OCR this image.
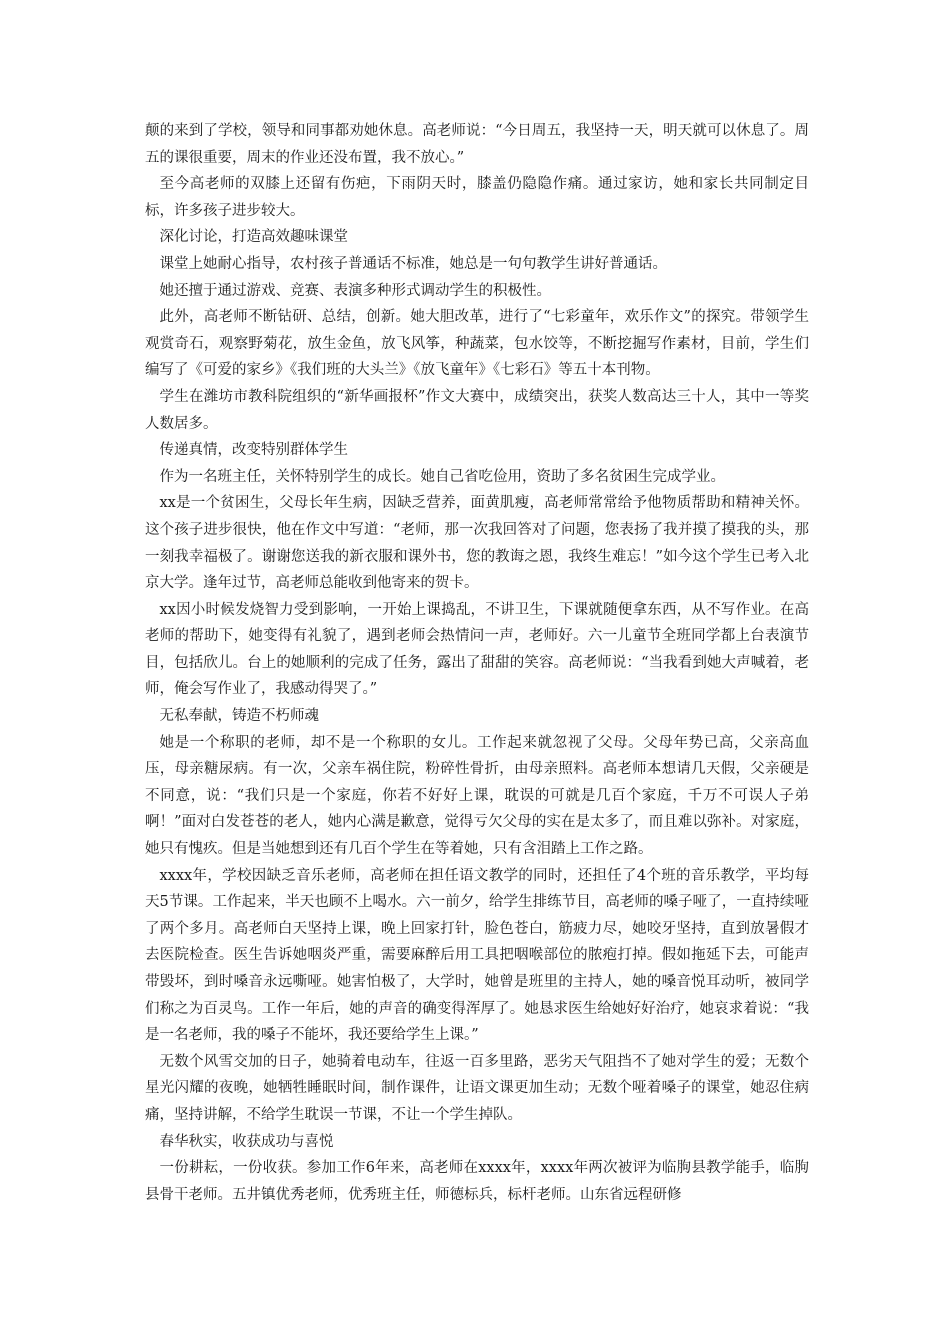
颠的来到了学校，领导和同事都劝她休息。高老师说：“今日周五，我坚持一天，明天就可以休息了。周五的课很重要，周末的作业还没布置，我不放心。”

至今高老师的双膝上还留有伤疤，下雨阴天时，膝盖仍隐隐作痛。通过家访，她和家长共同制定目标，许多孩子进步较大。

深化讨论，打造高效趣味课堂

课堂上她耐心指导，农村孩子普通话不标准，她总是一句句教学生讲好普通话。

她还擅于通过游戏、竞赛、表演多种形式调动学生的积极性。

此外，高老师不断钻研、总结，创新。她大胆改革，进行了“七彩童年，欢乐作文”的探究。带领学生观赏奇石，观察野菊花，放生金鱼，放飞风筝，种蔬菜，包水饺等，不断挖掘写作素材，目前，学生们编写了《可爱的家乡》《我们班的大头兰》《放飞童年》《七彩石》等五十本刊物。

学生在潍坊市教科院组织的“新华画报杯”作文大赛中，成绩突出，获奖人数高达三十人，其中一等奖人数居多。

传递真情，改变特别群体学生

作为一名班主任，关怀特别学生的成长。她自己省吃俭用，资助了多名贫困生完成学业。

xx是一个贫困生，父母长年生病，因缺乏营养，面黄肌瘦，高老师常常给予他物质帮助和精神关怀。这个孩子进步很快，他在作文中写道：“老师，那一次我回答对了问题，您表扬了我并摸了摸我的头，那一刻我幸福极了。谢谢您送我的新衣服和课外书，您的教诲之恩，我终生难忘！”如今这个学生已考入北京大学。逢年过节，高老师总能收到他寄来的贺卡。

xx因小时候发烧智力受到影响，一开始上课捣乱，不讲卫生，下课就随便拿东西，从不写作业。在高老师的帮助下，她变得有礼貌了，遇到老师会热情问一声，老师好。六一儿童节全班同学都上台表演节目，包括欣儿。台上的她顺利的完成了任务，露出了甜甜的笑容。高老师说：“当我看到她大声喊着，老师，俺会写作业了，我感动得哭了。”

无私奉献，铸造不朽师魂

她是一个称职的老师，却不是一个称职的女儿。工作起来就忽视了父母。父母年势已高，父亲高血压，母亲糖尿病。有一次，父亲车祸住院，粉碎性骨折，由母亲照料。高老师本想请几天假，父亲硬是不同意，说：“我们只是一个家庭，你若不好好上课，耽误的可就是几百个家庭，千万不可误人子弟啊！”面对白发苍苍的老人，她内心满是歉意，觉得亏欠父母的实在是太多了，而且难以弥补。对家庭，她只有愧疚。但是当她想到还有几百个学生在等着她，只有含泪踏上工作之路。

xxxx年，学校因缺乏音乐老师，高老师在担任语文教学的同时，还担任了4个班的音乐教学，平均每天5节课。工作起来，半天也顾不上喝水。六一前夕，给学生排练节目，高老师的嗓子哑了，一直持续哑了两个多月。高老师白天坚持上课，晚上回家打针，脸色苍白，筋疲力尽，她咬牙坚持，直到放暑假才去医院检查。医生告诉她咽炎严重，需要麻醉后用工具把咽喉部位的脓疱打掉。假如拖延下去，可能声带毁坏，到时嗓音永远嘶哑。她害怕极了，大学时，她曾是班里的主持人，她的嗓音悦耳动听，被同学们称之为百灵鸟。工作一年后，她的声音的确变得浑厚了。她恳求医生给她好好治疗，她哀求着说：“我是一名老师，我的嗓子不能坏，我还要给学生上课。”

无数个风雪交加的日子，她骑着电动车，往返一百多里路，恶劣天气阻挡不了她对学生的爱；无数个星光闪耀的夜晚，她牺牲睡眠时间，制作课件，让语文课更加生动；无数个哑着嗓子的课堂，她忍住病痛，坚持讲解，不给学生耽误一节课，不让一个学生掉队。

春华秋实，收获成功与喜悦

一份耕耘，一份收获。参加工作6年来，高老师在xxxx年，xxxx年两次被评为临朐县教学能手，临朐县骨干老师。五井镇优秀老师，优秀班主任，师德标兵，标杆老师。山东省远程研修
